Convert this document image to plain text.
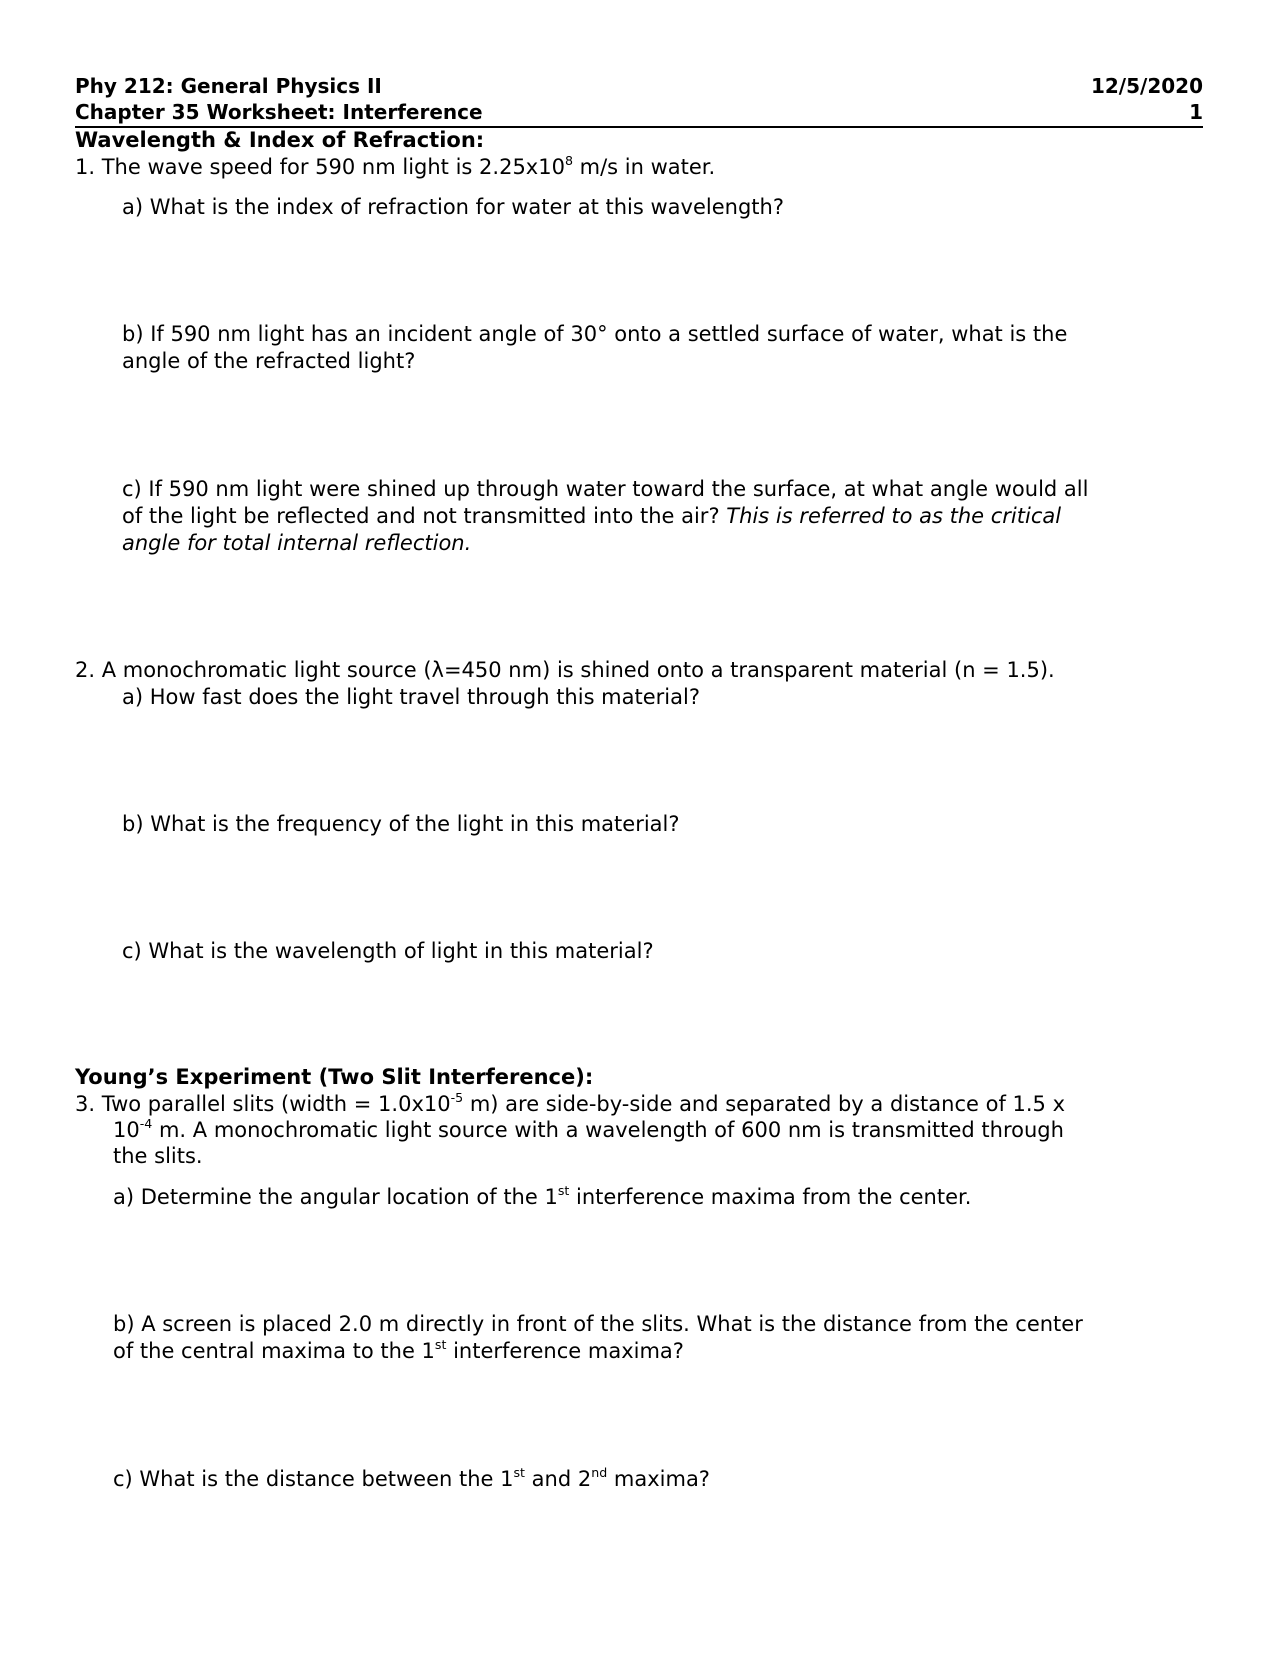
Phy 212: General Physics II	12/5/2020
Chapter 35 Worksheet: Interference	1
Wavelength & Index of Refraction:
1. The wave speed for 590 nm light is $2.25x10^8$ m/s in water.
a) What is the index of refraction for water at this wavelength?
b) If 590 nm light has an incident angle of 30° onto a settled surface of water, what is the
angle of the refracted light?
c) If 590 nm light were shined up through water toward the surface, at what angle would all
of the light be reflected and not transmitted into the air? This is referred to as the critical
angle for total internal reflection.
2. A monochromatic light source (λ=450 nm) is shined onto a transparent material (n = 1.5).
a) How fast does the light travel through this material?
b) What is the frequency of the light in this material?
c) What is the wavelength of light in this material?
Young’s Experiment (Two Slit Interference):
3. Two parallel slits (width = $1.0x10^{-5}$ m) are side-by-side and separated by a distance of 1.5 x
$10^{-4}$ m. A monochromatic light source with a wavelength of 600 nm is transmitted through
the slits.
a) Determine the angular location of the 1st interference maxima from the center.
b) A screen is placed 2.0 m directly in front of the slits. What is the distance from the center
of the central maxima to the 1st interference maxima?
c) What is the distance between the 1st and 2nd maxima?
